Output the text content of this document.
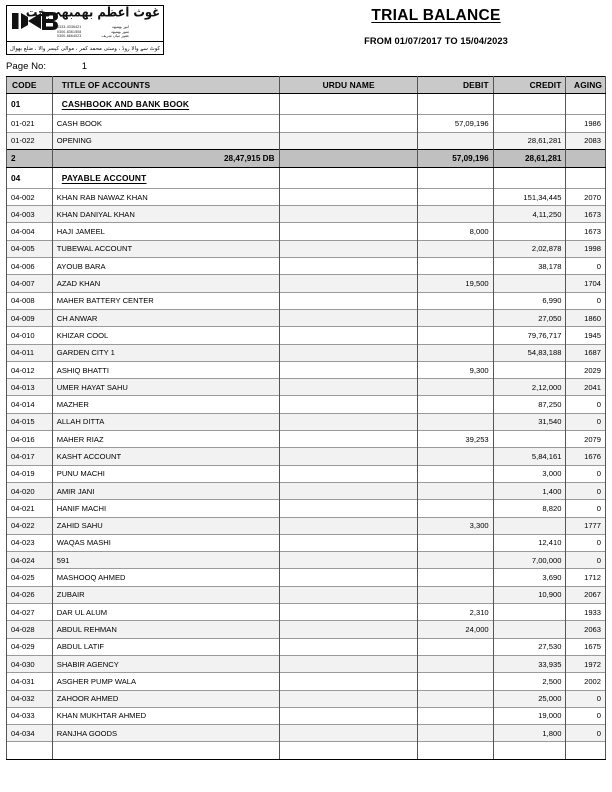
غوث اعظم بھمبھہ بخت
0333-4336421
0300-8361508
0300-6664023
انور بھمبھہ
منور بھمبھہ
غفور میاں شریف
کوٹ سے والا روڈ ، وستی محمد کمر ، موالی کیسر والا ، ضلع بھوال
TRIAL BALANCE
FROM 01/07/2017 TO 15/04/2023
Page No:	1
CODE	TITLE OF ACCOUNTS	URDU NAME	DEBIT	CREDIT	AGING
01	CASHBOOK AND BANK BOOK				
01-021	CASH BOOK		57,09,196		1986
01-022	OPENING			28,61,281	2083
2	28,47,915 DB		57,09,196	28,61,281	
04	PAYABLE ACCOUNT				
04-002	KHAN RAB NAWAZ KHAN			151,34,445	2070
04-003	KHAN DANIYAL KHAN			4,11,250	1673
04-004	HAJI JAMEEL		8,000		1673
04-005	TUBEWAL ACCOUNT			2,02,878	1998
04-006	AYOUB BARA			38,178	0
04-007	AZAD KHAN		19,500		1704
04-008	MAHER BATTERY CENTER			6,990	0
04-009	CH ANWAR			27,050	1860
04-010	KHIZAR COOL			79,76,717	1945
04-011	GARDEN CITY 1			54,83,188	1687
04-012	ASHIQ BHATTI		9,300		2029
04-013	UMER HAYAT SAHU			2,12,000	2041
04-014	MAZHER			87,250	0
04-015	ALLAH DITTA			31,540	0
04-016	MAHER RIAZ		39,253		2079
04-017	KASHT ACCOUNT			5,84,161	1676
04-019	PUNU MACHI			3,000	0
04-020	AMIR JANI			1,400	0
04-021	HANIF MACHI			8,820	0
04-022	ZAHID SAHU		3,300		1777
04-023	WAQAS MASHI			12,410	0
04-024	591			7,00,000	0
04-025	MASHOOQ AHMED			3,690	1712
04-026	ZUBAIR			10,900	2067
04-027	DAR UL ALUM		2,310		1933
04-028	ABDUL REHMAN		24,000		2063
04-029	ABDUL LATIF			27,530	1675
04-030	SHABIR AGENCY			33,935	1972
04-031	ASGHER PUMP WALA			2,500	2002
04-032	ZAHOOR AHMED			25,000	0
04-033	KHAN MUKHTAR AHMED			19,000	0
04-034	RANJHA GOODS			1,800	0
